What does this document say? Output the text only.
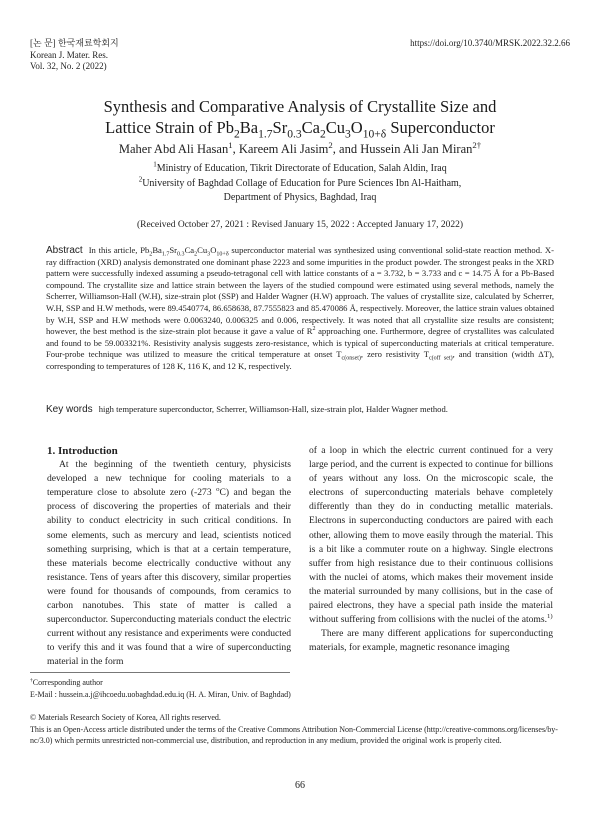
[논 문] 한국재료학회지
Korean J. Mater. Res.
Vol. 32, No. 2 (2022)
https://doi.org/10.3740/MRSK.2022.32.2.66
Synthesis and Comparative Analysis of Crystallite Size and
Lattice Strain of $Pb_2Ba_{1.7}Sr_{0.3}Ca_2Cu_3O_{10+\delta}$ Superconductor
Maher Abd Ali Hasan$^1$, Kareem Ali Jasim$^2$, and Hussein Ali Jan Miran$^{2\dagger}$
$^1$Ministry of Education, Tikrit Directorate of Education, Salah Aldin, Iraq
$^2$University of Baghdad Collage of Education for Pure Sciences Ibn Al-Haitham,
Department of Physics, Baghdad, Iraq
(Received October 27, 2021 : Revised January 15, 2022 : Accepted January 17, 2022)
Abstract In this article, $Pb_2Ba_{1.7}Sr_{0.3}Ca_2Cu_3O_{10+\delta}$ superconductor material was synthesized using conventional solid-state reaction method. X-ray diffraction (XRD) analysis demonstrated one dominant phase 2223 and some impurities in the product powder. The strongest peaks in the XRD pattern were successfully indexed assuming a pseudo-tetragonal cell with lattice constants of a = 3.732, b = 3.733 and c = 14.75 Å for a Pb-Based compound. The crystallite size and lattice strain between the layers of the studied compound were estimated using several methods, namely the Scherrer, Williamson-Hall (W.H), size-strain plot (SSP) and Halder Wagner (H.W) approach. The values of crystallite size, calculated by Scherrer, W.H, SSP and H.W methods, were 89.4540774, 86.658638, 87.7555823 and 85.470086 Å, respectively. Moreover, the lattice strain values obtained by W.H, SSP and H.W methods were 0.0063240, 0.006325 and 0.006, respectively. It was noted that all crystallite size results are consistent; however, the best method is the size-strain plot because it gave a value of $R^2$ approaching one. Furthermore, degree of crystallites was calculated and found to be 59.003321%. Resistivity analysis suggests zero-resistance, which is typical of superconducting materials at critical temperature. Four-probe technique was utilized to measure the critical temperature at onset $T_{c(onset)}$, zero resistivity $T_{c(off set)}$, and transition (width ΔT), corresponding to temperatures of 128 K, 116 K, and 12 K, respectively.
Key words high temperature superconductor, Scherrer, Williamson-Hall, size-strain plot, Halder Wagner method.

1. Introduction

At the beginning of the twentieth century, physicists developed a new technique for cooling materials to a temperature close to absolute zero (-273 $^o$C) and began the process of discovering the properties of materials and their ability to conduct electricity in such critical conditions. In some elements, such as mercury and lead, scientists noticed something surprising, which is that at a certain temperature, these materials become electrically conductive without any resistance. Tens of years after this discovery, similar properties were found for thousands of compounds, from ceramics to carbon nanotubes. This state of matter is called a superconductor. Superconducting materials conduct the electric current without any resistance and experiments were conducted to verify this and it was found that a wire of superconducting material in the form

of a loop in which the electric current continued for a very large period, and the current is expected to continue for billions of years without any loss. On the microscopic scale, the electrons of superconducting materials behave completely differently than they do in conducting metallic materials. Electrons in superconducting conductors are paired with each other, allowing them to move easily through the material. This is a bit like a commuter route on a highway. Single electrons suffer from high resistance due to their continuous collisions with the nuclei of atoms, which makes their movement inside the material surrounded by many collisions, but in the case of paired electrons, they have a special path inside the material without suffering from collisions with the nuclei of the atoms.$^{1)}$

There are many different applications for superconducting materials, for example, magnetic resonance imaging

†Corresponding author
E-Mail : hussein.a.j@ihcoedu.uobaghdad.edu.iq (H. A. Miran, Univ. of Baghdad)

© Materials Research Society of Korea, All rights reserved.

This is an Open-Access article distributed under the terms of the Creative Commons Attribution Non-Commercial License (http://creative-commons.org/licenses/by-nc/3.0) which permits unrestricted non-commercial use, distribution, and reproduction in any medium, provided the original work is properly cited.

66
